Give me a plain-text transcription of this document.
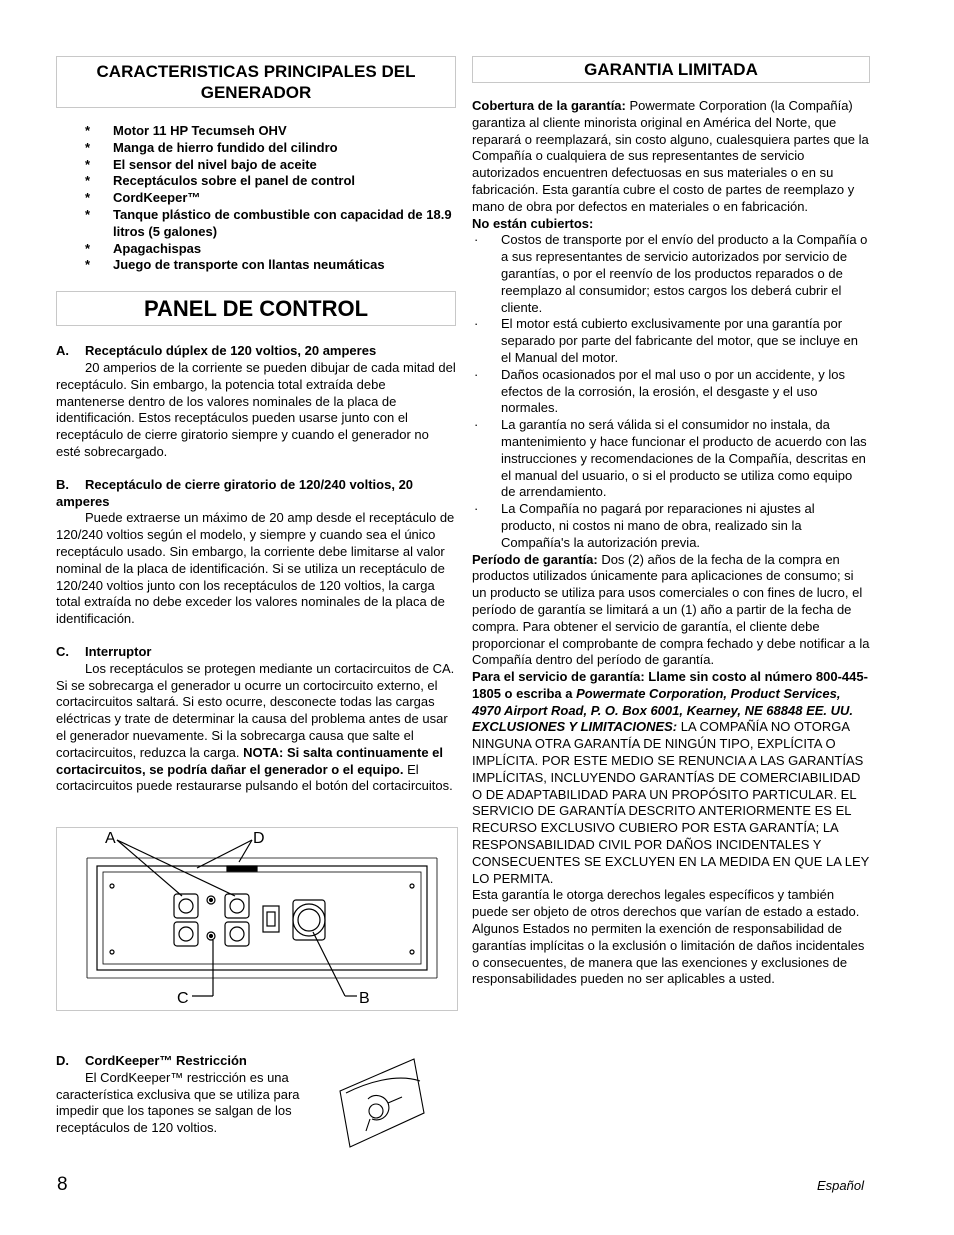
CARACTERISTICAS PRINCIPALES DEL GENERADOR
* Motor 11 HP Tecumseh OHV
* Manga de hierro fundido del cilindro
* El sensor del nivel bajo de aceite
* Receptáculos sobre el panel de control
* CordKeeper™
* Tanque plástico de combustible con capacidad de 18.9 litros (5 galones)
* Apagachispas
* Juego de transporte con llantas neumáticas
PANEL DE CONTROL
A. Receptáculo dúplex de 120 voltios, 20 amperes

20 amperios de la corriente se pueden dibujar de cada mitad del receptáculo. Sin embargo, la potencia total extraída debe mantenerse dentro de los valores nominales de la placa de identificación. Estos receptáculos pueden usarse junto con el receptáculo de cierre giratorio siempre y cuando el generador no esté sobrecargado.

B. Receptáculo de cierre giratorio de 120/240 voltios, 20 amperes

Puede extraerse un máximo de 20 amp desde el receptáculo de 120/240 voltios según el modelo, y siempre y cuando sea el único receptáculo usado. Sin embargo, la corriente debe limitarse al valor nominal de la placa de identificación. Si se utiliza un receptáculo de 120/240 voltios junto con los receptáculos de 120 voltios, la carga total extraída no debe exceder los valores nominales de la placa de identificación.

C. Interruptor

Los receptáculos se protegen mediante un cortacircuitos de CA. Si se sobrecarga el generador u ocurre un cortocircuito externo, el cortacircuitos saltará. Si esto ocurre, desconecte todas las cargas eléctricas y trate de determinar la causa del problema antes de usar el generador nuevamente. Si la sobrecarga causa que salte el cortacircuitos, reduzca la carga. NOTA: Si salta continuamente el cortacircuitos, se podría dañar el generador o el equipo. El cortacircuitos puede restaurarse pulsando el botón del cortacircuitos.

A	D
C	B
D. CordKeeper™ Restricción

El CordKeeper™ restricción es una característica exclusiva que se utiliza para impedir que los tapones se salgan de los receptáculos de 120 voltios.

GARANTIA LIMITADA

Cobertura de la garantía: Powermate Corporation (la Compañía) garantiza al cliente minorista original en América del Norte, que reparará o reemplazará, sin costo alguno, cualesquiera partes que la Compañía o cualquiera de sus representantes de servicio autorizados encuentren defectuosas en sus materiales o en su fabricación. Esta garantía cubre el costo de partes de reemplazo y mano de obra por defectos en materiales o en fabricación.

No están cubiertos:

· Costos de transporte por el envío del producto a la Compañía o a sus representantes de servicio autorizados por servicio de garantías, o por el reenvío de los productos reparados o de reemplazo al consumidor; estos cargos los deberá cubrir el cliente.
· El motor está cubierto exclusivamente por una garantía por separado por parte del fabricante del motor, que se incluye en el Manual del motor.
· Daños ocasionados por el mal uso o por un accidente, y los efectos de la corrosión, la erosión, el desgaste y el uso normales.
· La garantía no será válida si el consumidor no instala, da mantenimiento y hace funcionar el producto de acuerdo con las instrucciones y recomendaciones de la Compañía, descritas en el manual del usuario, o si el producto se utiliza como equipo de arrendamiento.
· La Compañía no pagará por reparaciones ni ajustes al producto, ni costos ni mano de obra, realizado sin la Compañía's la autorización previa.

Período de garantía: Dos (2) años de la fecha de la compra en productos utilizados únicamente para aplicaciones de consumo; si un producto se utiliza para usos comerciales o con fines de lucro, el período de garantía se limitará a un (1) año a partir de la fecha de compra. Para obtener el servicio de garantía, el cliente debe proporcionar el comprobante de compra fechado y debe notificar a la Compañía dentro del período de garantía.

Para el servicio de garantía: Llame sin costo al número 800-445-1805 o escriba a Powermate Corporation, Product Services, 4970 Airport Road, P. O. Box 6001, Kearney, NE 68848 EE. UU.

EXCLUSIONES Y LIMITACIONES: LA COMPAÑÍA NO OTORGA NINGUNA OTRA GARANTÍA DE NINGÚN TIPO, EXPLÍCITA O IMPLÍCITA. POR ESTE MEDIO SE RENUNCIA A LAS GARANTÍAS IMPLÍCITAS, INCLUYENDO GARANTÍAS DE COMERCIABILIDAD O DE ADAPTABILIDAD PARA UN PROPÓSITO PARTICULAR. EL SERVICIO DE GARANTÍA DESCRITO ANTERIORMENTE ES EL RECURSO EXCLUSIVO CUBIERO POR ESTA GARANTÍA; LA RESPONSABILIDAD CIVIL POR DAÑOS INCIDENTALES Y CONSECUENTES SE EXCLUYEN EN LA MEDIDA EN QUE LA LEY LO PERMITA.

Esta garantía le otorga derechos legales específicos y también puede ser objeto de otros derechos que varían de estado a estado. Algunos Estados no permiten la exención de responsabilidad de garantías implícitas o la exclusión o limitación de daños incidentales o consecuentes, de manera que las exenciones y exclusiones de responsabilidades pueden no ser aplicables a usted.

8	Español
